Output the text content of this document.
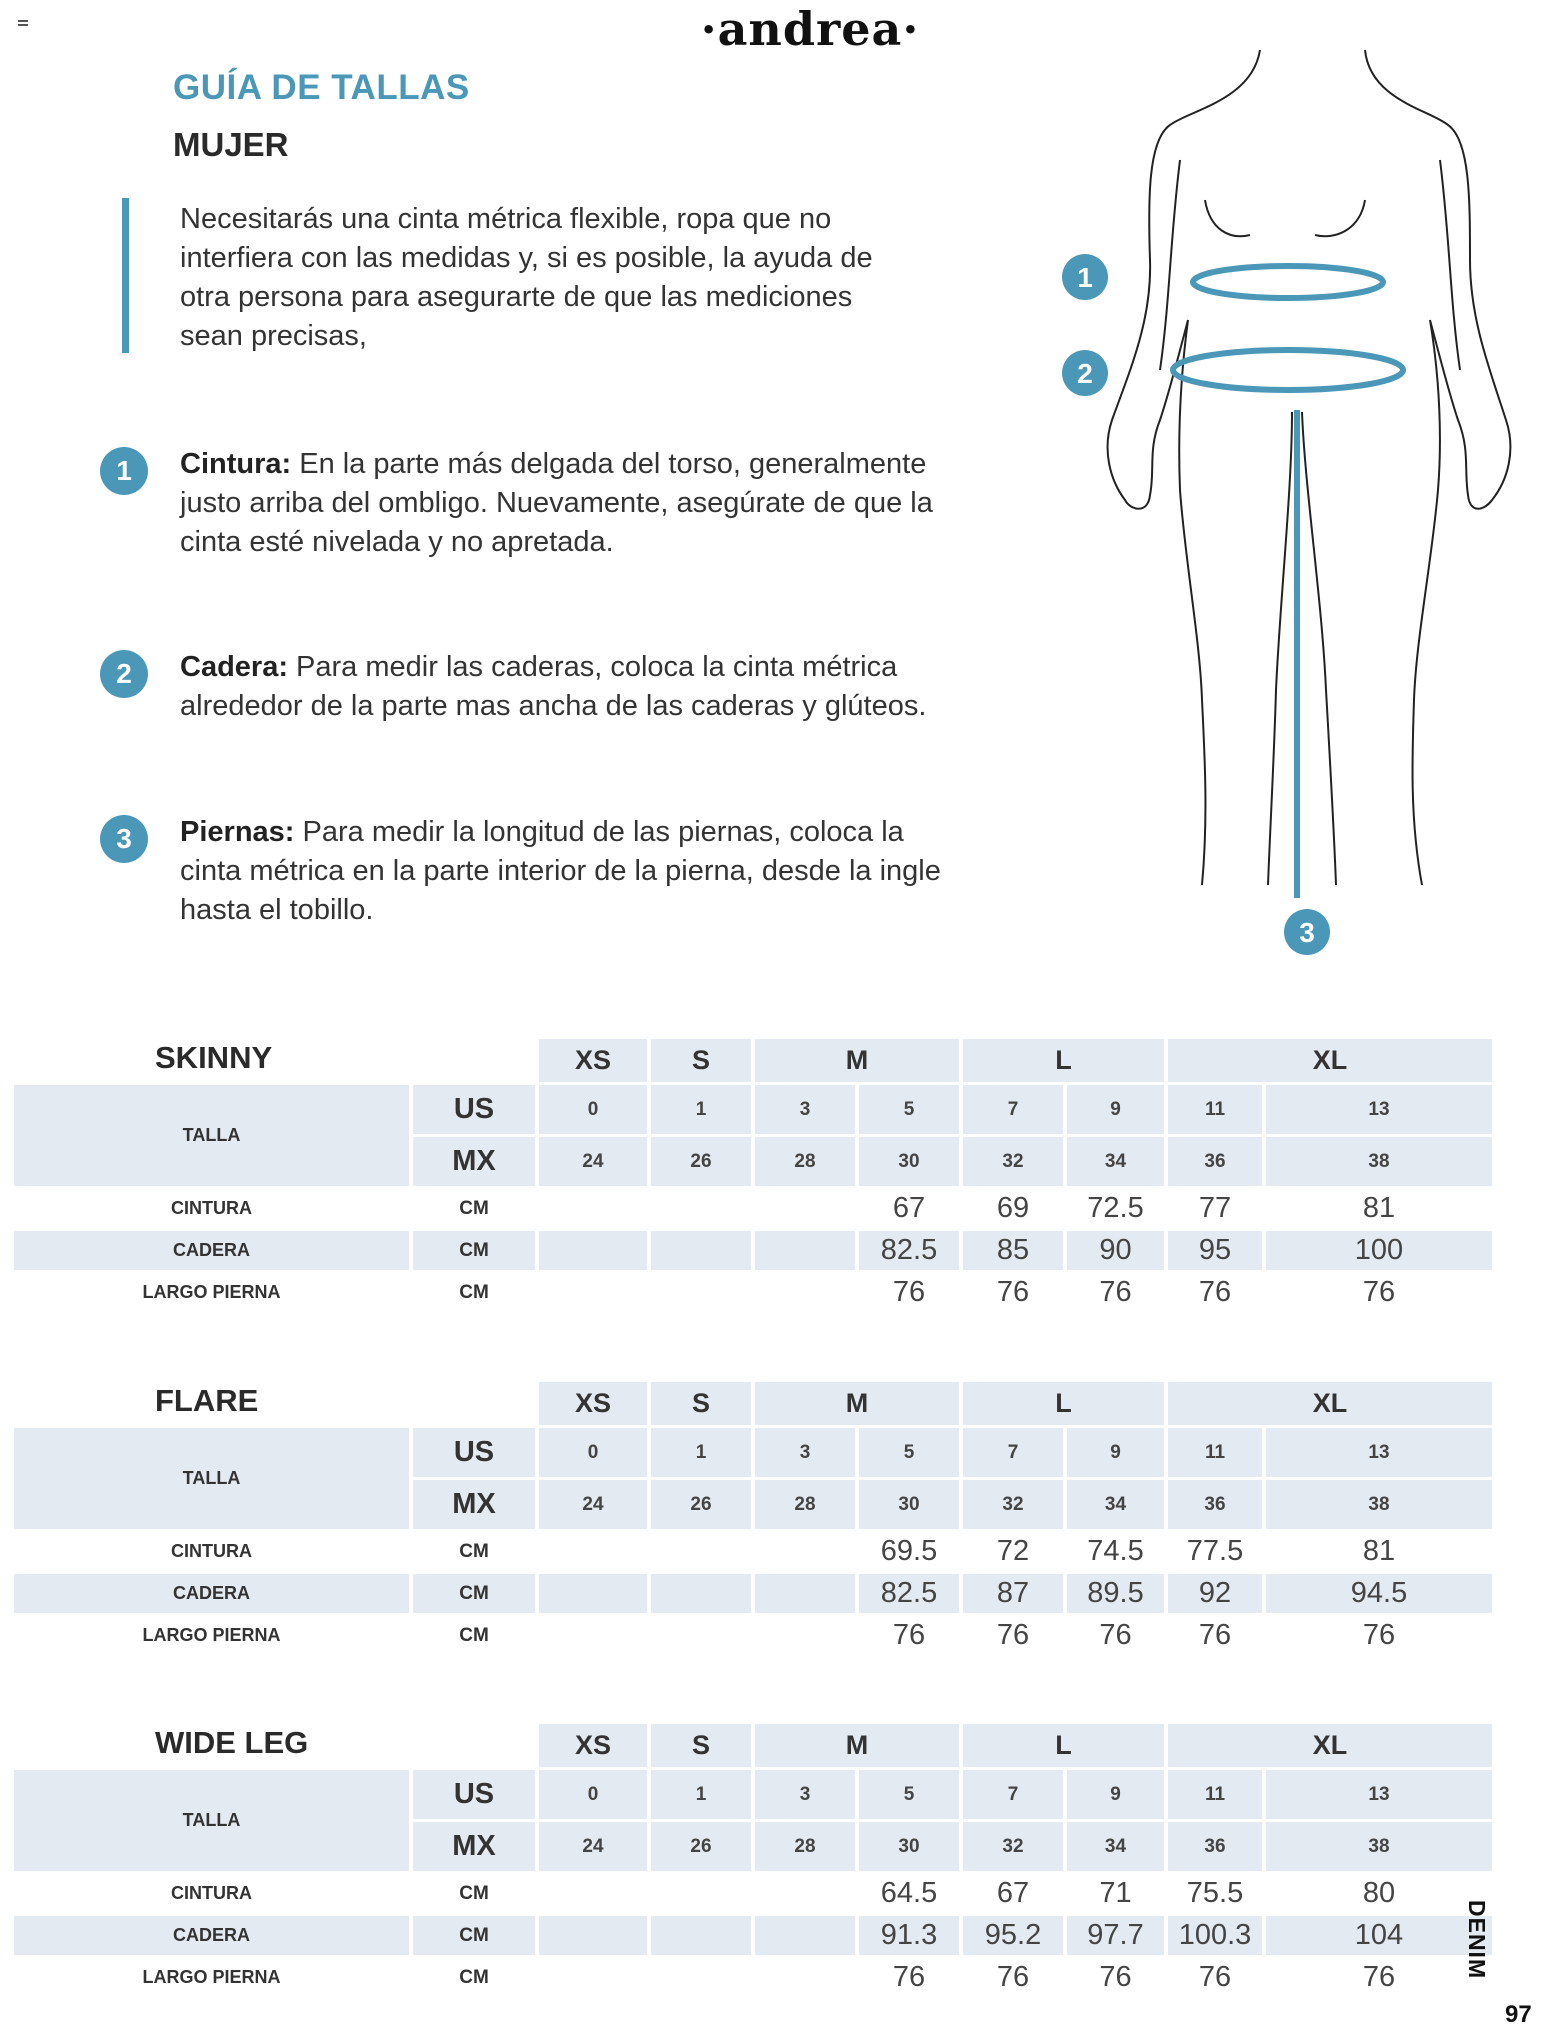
·andrea·
GUÍA DE TALLAS
MUJER
Necesitarás una cinta métrica flexible, ropa que no interfiera con las medidas y, si es posible, la ayuda de otra persona para asegurarte de que las mediciones sean precisas,
1	Cintura: En la parte más delgada del torso, generalmente justo arriba del ombligo. Nuevamente, asegúrate de que la cinta esté nivelada y no apretada.
2	Cadera: Para medir las caderas, coloca la cinta métrica alrededor de la parte mas ancha de las caderas y glúteos.
3	Piernas: Para medir la longitud de las piernas, coloca la cinta métrica en la parte interior de la pierna, desde la ingle hasta el tobillo.
1
2
3
SKINNY
			XS	S	M		L		XL	
TALLA	US	0	1	3	5	7	9	11	13
	MX	24	26	28	30	32	34	36	38
CINTURA	CM				67	69	72.5	77	81
CADERA	CM				82.5	85	90	95	100
LARGO PIERNA	CM				76	76	76	76	76
FLARE
			XS	S	M		L		XL	
TALLA	US	0	1	3	5	7	9	11	13
	MX	24	26	28	30	32	34	36	38
CINTURA	CM				69.5	72	74.5	77.5	81
CADERA	CM				82.5	87	89.5	92	94.5
LARGO PIERNA	CM				76	76	76	76	76
WIDE LEG
			XS	S	M		L		XL	
TALLA	US	0	1	3	5	7	9	11	13
	MX	24	26	28	30	32	34	36	38
CINTURA	CM				64.5	67	71	75.5	80
CADERA	CM				91.3	95.2	97.7	100.3	104
LARGO PIERNA	CM				76	76	76	76	76	DENIM
97
